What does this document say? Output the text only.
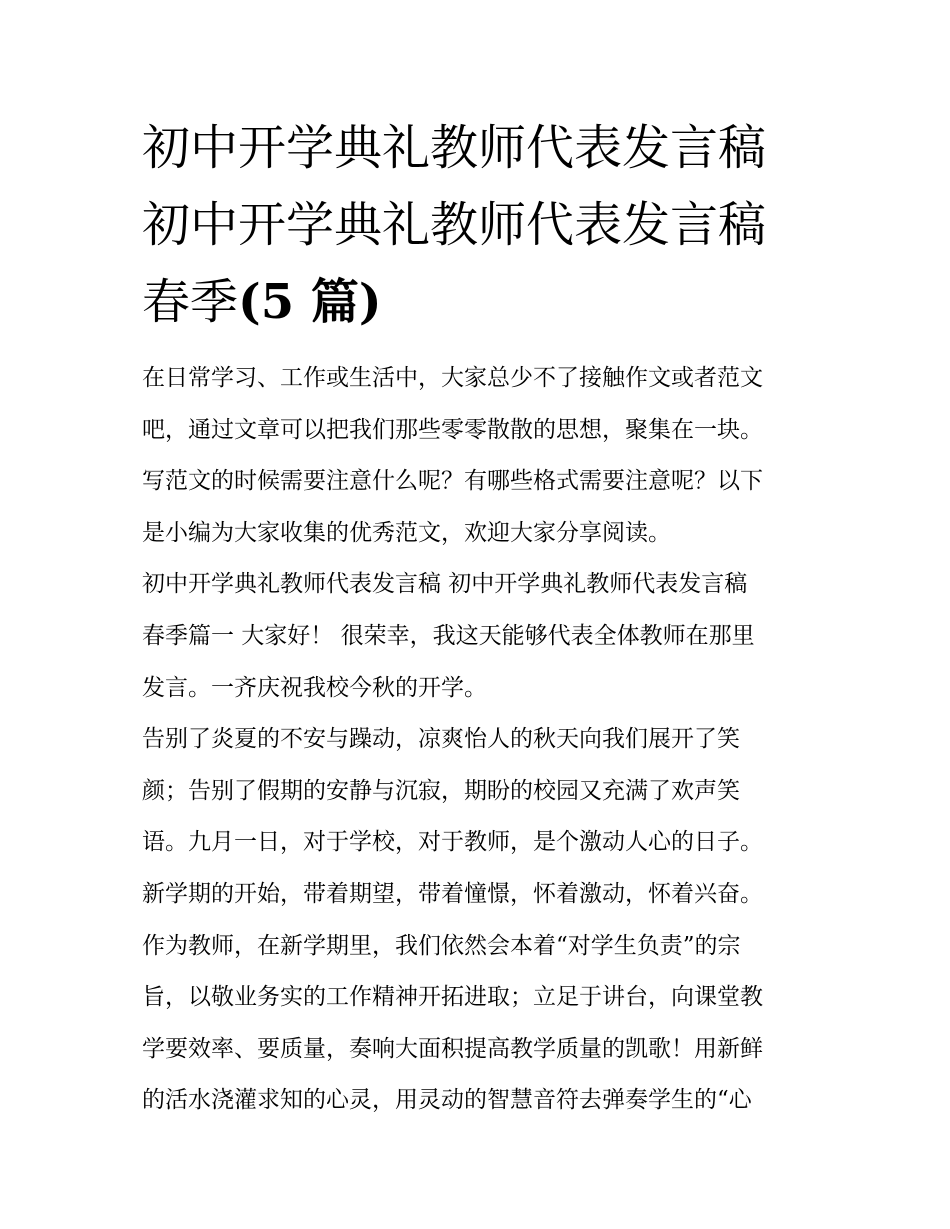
初中开学典礼教师代表发言稿
初中开学典礼教师代表发言稿
春季(5 篇)

在日常学习、工作或生活中，大家总少不了接触作文或者范文
吧，通过文章可以把我们那些零零散散的思想，聚集在一块。
写范文的时候需要注意什么呢？有哪些格式需要注意呢？以下
是小编为大家收集的优秀范文，欢迎大家分享阅读。

初中开学典礼教师代表发言稿 初中开学典礼教师代表发言稿
春季篇一 大家好！ 很荣幸，我这天能够代表全体教师在那里
发言。一齐庆祝我校今秋的开学。

告别了炎夏的不安与躁动，凉爽怡人的秋天向我们展开了笑
颜；告别了假期的安静与沉寂，期盼的校园又充满了欢声笑
语。九月一日，对于学校，对于教师，是个激动人心的日子。
新学期的开始，带着期望，带着憧憬，怀着激动，怀着兴奋。
作为教师，在新学期里，我们依然会本着“对学生负责”的宗
旨，以敬业务实的工作精神开拓进取；立足于讲台，向课堂教
学要效率、要质量，奏响大面积提高教学质量的凯歌！用新鲜
的活水浇灌求知的心灵，用灵动的智慧音符去弹奏学生的“心
